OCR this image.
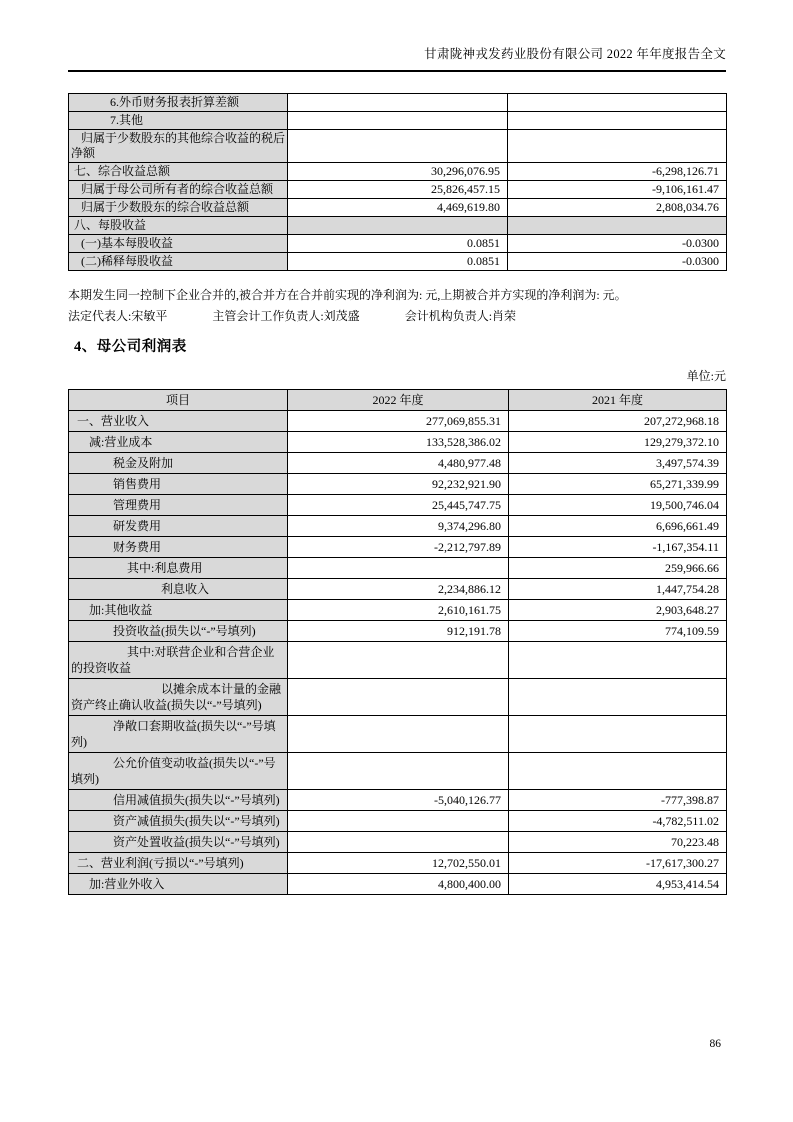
甘肃陇神戎发药业股份有限公司 2022 年年度报告全文
6.外币财务报表折算差额		
7.其他		
归属于少数股东的其他综合收益的税后净额		
七、综合收益总额	30,296,076.95	-6,298,126.71
归属于母公司所有者的综合收益总额	25,826,457.15	-9,106,161.47
归属于少数股东的综合收益总额	4,469,619.80	2,808,034.76
八、每股收益		
(一)基本每股收益	0.0851	-0.0300
(二)稀释每股收益	0.0851	-0.0300
本期发生同一控制下企业合并的,被合并方在合并前实现的净利润为: 元,上期被合并方实现的净利润为: 元。
法定代表人:宋敏平	主管会计工作负责人:刘茂盛	会计机构负责人:肖荣
4、母公司利润表
单位:元
项目	2022 年度	2021 年度
一、营业收入	277,069,855.31	207,272,968.18
减:营业成本	133,528,386.02	129,279,372.10
税金及附加	4,480,977.48	3,497,574.39
销售费用	92,232,921.90	65,271,339.99
管理费用	25,445,747.75	19,500,746.04
研发费用	9,374,296.80	6,696,661.49
财务费用	-2,212,797.89	-1,167,354.11
其中:利息费用		259,966.66
利息收入	2,234,886.12	1,447,754.28
加:其他收益	2,610,161.75	2,903,648.27
投资收益(损失以“-”号填列)	912,191.78	774,109.59
其中:对联营企业和合营企业的投资收益		
以摊余成本计量的金融资产终止确认收益(损失以“-”号填列)		
净敞口套期收益(损失以“-”号填列)		
公允价值变动收益(损失以“-”号填列)		
信用减值损失(损失以“-”号填列)	-5,040,126.77	-777,398.87
资产减值损失(损失以“-”号填列)		-4,782,511.02
资产处置收益(损失以“-”号填列)		70,223.48
二、营业利润(亏损以“-”号填列)	12,702,550.01	-17,617,300.27
加:营业外收入	4,800,400.00	4,953,414.54
86
